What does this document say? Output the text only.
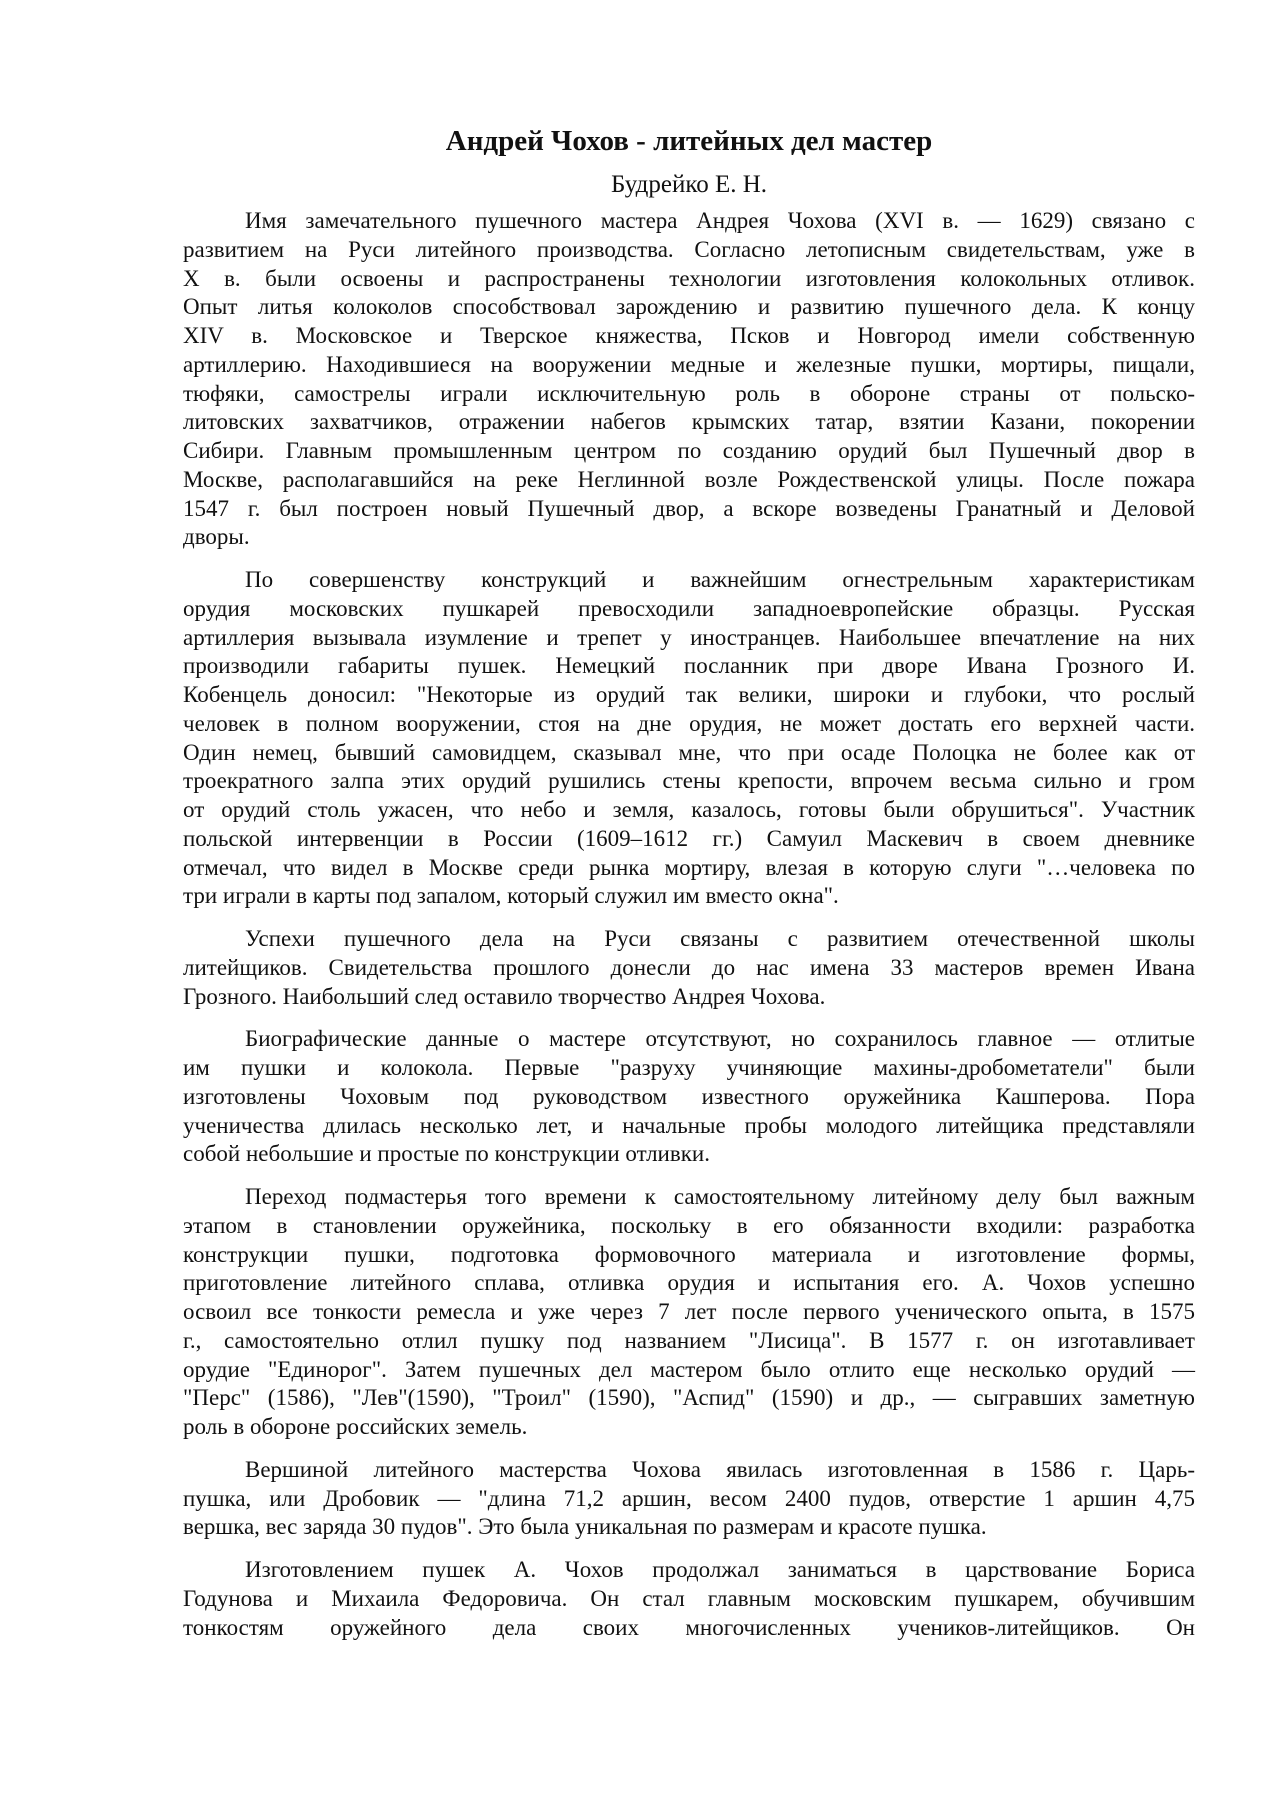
Андрей Чохов - литейных дел мастер
Будрейко Е. Н.
Имя замечательного пушечного мастера Андрея Чохова (XVI в. — 1629) связано с
развитием на Руси литейного производства. Согласно летописным свидетельствам, уже в
X в. были освоены и распространены технологии изготовления колокольных отливок.
Опыт литья колоколов способствовал зарождению и развитию пушечного дела. К концу
XIV в. Московское и Тверское княжества, Псков и Новгород имели собственную
артиллерию. Находившиеся на вооружении медные и железные пушки, мортиры, пищали,
тюфяки, самострелы играли исключительную роль в обороне страны от польско-
литовских захватчиков, отражении набегов крымских татар, взятии Казани, покорении
Сибири. Главным промышленным центром по созданию орудий был Пушечный двор в
Москве, располагавшийся на реке Неглинной возле Рождественской улицы. После пожара
1547 г. был построен новый Пушечный двор, а вскоре возведены Гранатный и Деловой
дворы.
По совершенству конструкций и важнейшим огнестрельным характеристикам
орудия московских пушкарей превосходили западноевропейские образцы. Русская
артиллерия вызывала изумление и трепет у иностранцев. Наибольшее впечатление на них
производили габариты пушек. Немецкий посланник при дворе Ивана Грозного И.
Кобенцель доносил: "Некоторые из орудий так велики, широки и глубоки, что рослый
человек в полном вооружении, стоя на дне орудия, не может достать его верхней части.
Один немец, бывший самовидцем, сказывал мне, что при осаде Полоцка не более как от
троекратного залпа этих орудий рушились стены крепости, впрочем весьма сильно и гром
от орудий столь ужасен, что небо и земля, казалось, готовы были обрушиться". Участник
польской интервенции в России (1609–1612 гг.) Самуил Маскевич в своем дневнике
отмечал, что видел в Москве среди рынка мортиру, влезая в которую слуги "…человека по
три играли в карты под запалом, который служил им вместо окна".
Успехи пушечного дела на Руси связаны с развитием отечественной школы
литейщиков. Свидетельства прошлого донесли до нас имена 33 мастеров времен Ивана
Грозного. Наибольший след оставило творчество Андрея Чохова.
Биографические данные о мастере отсутствуют, но сохранилось главное — отлитые
им пушки и колокола. Первые "разруху учиняющие махины-дробометатели" были
изготовлены Чоховым под руководством известного оружейника Кашперова. Пора
ученичества длилась несколько лет, и начальные пробы молодого литейщика представляли
собой небольшие и простые по конструкции отливки.
Переход подмастерья того времени к самостоятельному литейному делу был важным
этапом в становлении оружейника, поскольку в его обязанности входили: разработка
конструкции пушки, подготовка формовочного материала и изготовление формы,
приготовление литейного сплава, отливка орудия и испытания его. А. Чохов успешно
освоил все тонкости ремесла и уже через 7 лет после первого ученического опыта, в 1575
г., самостоятельно отлил пушку под названием "Лисица". В 1577 г. он изготавливает
орудие "Единорог". Затем пушечных дел мастером было отлито еще несколько орудий —
"Перс" (1586), "Лев"(1590), "Троил" (1590), "Аспид" (1590) и др., — сыгравших заметную
роль в обороне российских земель.
Вершиной литейного мастерства Чохова явилась изготовленная в 1586 г. Царь-
пушка, или Дробовик — "длина 71,2 аршин, весом 2400 пудов, отверстие 1 аршин 4,75
вершка, вес заряда 30 пудов". Это была уникальная по размерам и красоте пушка.
Изготовлением пушек А. Чохов продолжал заниматься в царствование Бориса
Годунова и Михаила Федоровича. Он стал главным московским пушкарем, обучившим
тонкостям оружейного дела своих многочисленных учеников-литейщиков. Он
